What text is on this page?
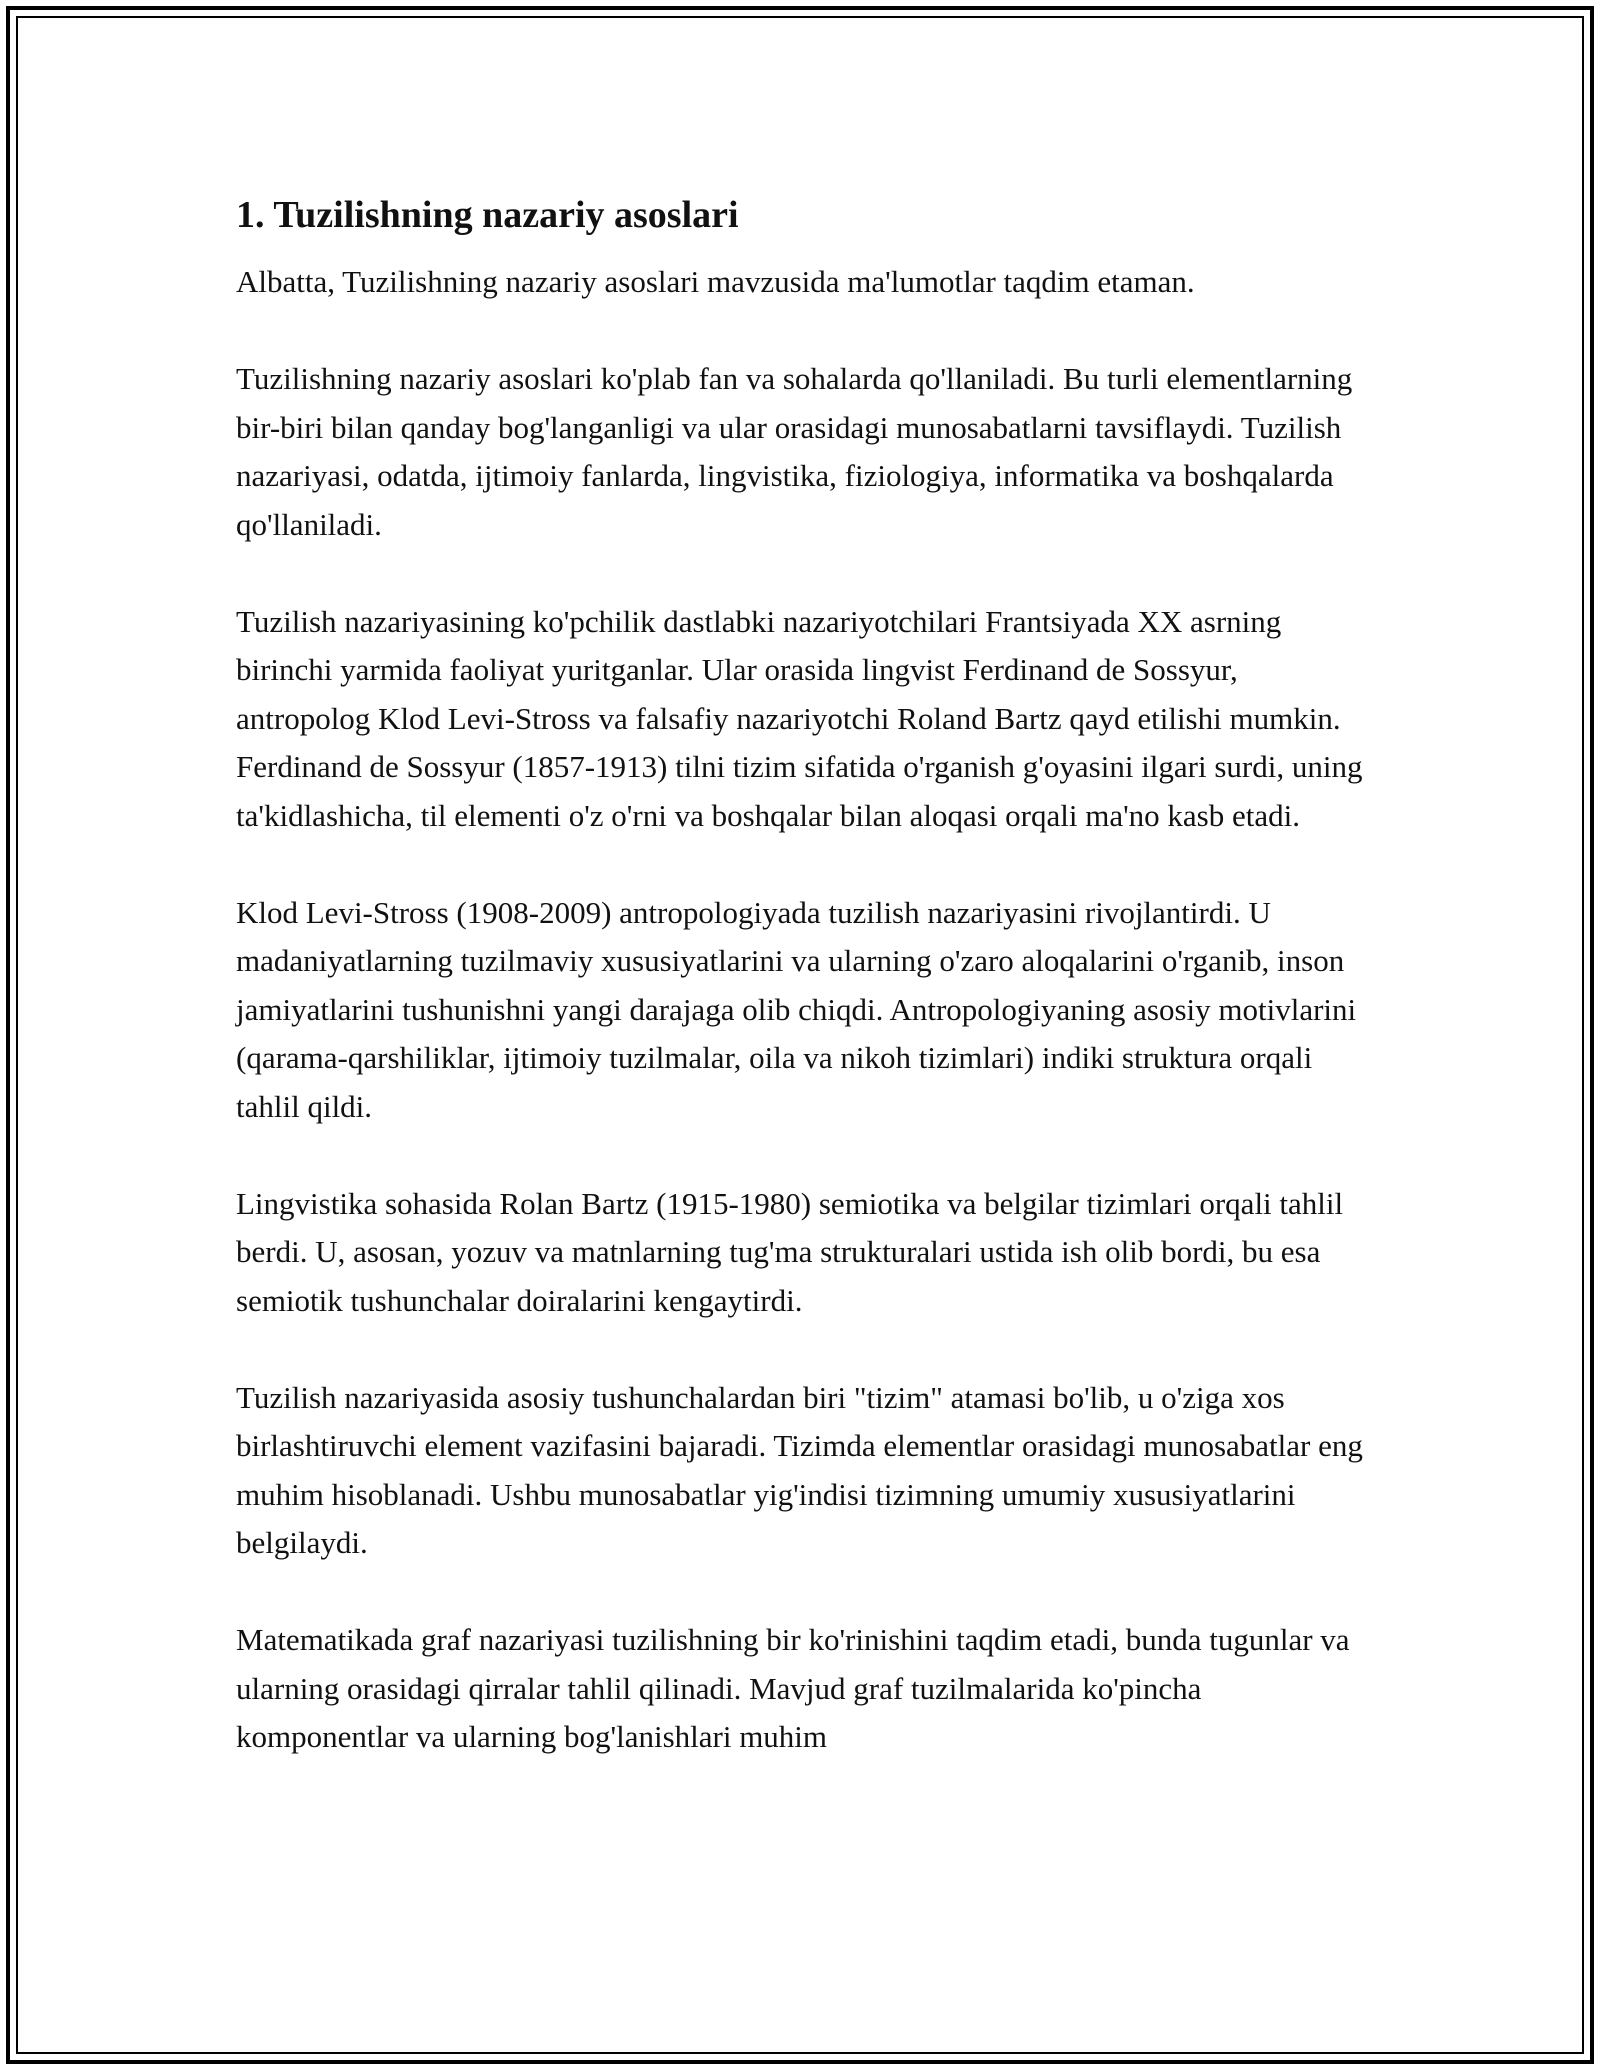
1. Tuzilishning nazariy asoslari

Albatta, Tuzilishning nazariy asoslari mavzusida ma'lumotlar taqdim etaman.

Tuzilishning nazariy asoslari ko'plab fan va sohalarda qo'llaniladi. Bu turli elementlarning bir-biri bilan qanday bog'langanligi va ular orasidagi munosabatlarni tavsiflaydi. Tuzilish nazariyasi, odatda, ijtimoiy fanlarda, lingvistika, fiziologiya, informatika va boshqalarda qo'llaniladi.

Tuzilish nazariyasining ko'pchilik dastlabki nazariyotchilari Frantsiyada XX asrning birinchi yarmida faoliyat yuritganlar. Ular orasida lingvist Ferdinand de Sossyur, antropolog Klod Levi-Stross va falsafiy nazariyotchi Roland Bartz qayd etilishi mumkin. Ferdinand de Sossyur (1857-1913) tilni tizim sifatida o'rganish g'oyasini ilgari surdi, uning ta'kidlashicha, til elementi o'z o'rni va boshqalar bilan aloqasi orqali ma'no kasb etadi.

Klod Levi-Stross (1908-2009) antropologiyada tuzilish nazariyasini rivojlantirdi. U madaniyatlarning tuzilmaviy xususiyatlarini va ularning o'zaro aloqalarini o'rganib, inson jamiyatlarini tushunishni yangi darajaga olib chiqdi. Antropologiyaning asosiy motivlarini (qarama-qarshiliklar, ijtimoiy tuzilmalar, oila va nikoh tizimlari) indiki struktura orqali tahlil qildi.

Lingvistika sohasida Rolan Bartz (1915-1980) semiotika va belgilar tizimlari orqali tahlil berdi. U, asosan, yozuv va matnlarning tug'ma strukturalari ustida ish olib bordi, bu esa semiotik tushunchalar doiralarini kengaytirdi.

Tuzilish nazariyasida asosiy tushunchalardan biri "tizim" atamasi bo'lib, u o'ziga xos birlashtiruvchi element vazifasini bajaradi. Tizimda elementlar orasidagi munosabatlar eng muhim hisoblanadi. Ushbu munosabatlar yig'indisi tizimning umumiy xususiyatlarini belgilaydi.

Matematikada graf nazariyasi tuzilishning bir ko'rinishini taqdim etadi, bunda tugunlar va ularning orasidagi qirralar tahlil qilinadi. Mavjud graf tuzilmalarida ko'pincha komponentlar va ularning bog'lanishlari muhim
